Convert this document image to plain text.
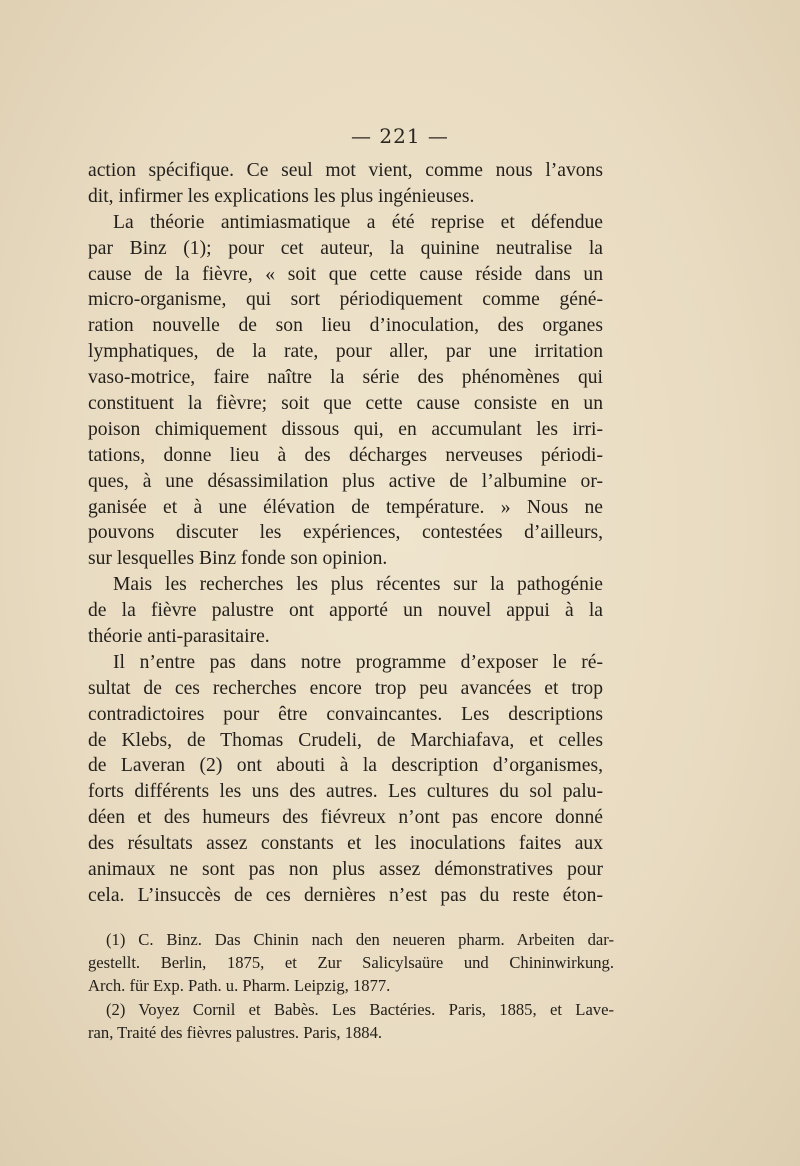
— 221 —
action spécifique. Ce seul mot vient, comme nous l’avons
dit, infirmer les explications les plus ingénieuses.
La théorie antimiasmatique a été reprise et défendue
par Binz (1); pour cet auteur, la quinine neutralise la
cause de la fièvre, « soit que cette cause réside dans un
micro-organisme, qui sort périodiquement comme géné-
ration nouvelle de son lieu d’inoculation, des organes
lymphatiques, de la rate, pour aller, par une irritation
vaso-motrice, faire naître la série des phénomènes qui
constituent la fièvre; soit que cette cause consiste en un
poison chimiquement dissous qui, en accumulant les irri-
tations, donne lieu à des décharges nerveuses périodi-
ques, à une désassimilation plus active de l’albumine or-
ganisée et à une élévation de température. » Nous ne
pouvons discuter les expériences, contestées d’ailleurs,
sur lesquelles Binz fonde son opinion.
Mais les recherches les plus récentes sur la pathogénie
de la fièvre palustre ont apporté un nouvel appui à la
théorie anti-parasitaire.
Il n’entre pas dans notre programme d’exposer le ré-
sultat de ces recherches encore trop peu avancées et trop
contradictoires pour être convaincantes. Les descriptions
de Klebs, de Thomas Crudeli, de Marchiafava, et celles
de Laveran (2) ont abouti à la description d’organismes,
forts différents les uns des autres. Les cultures du sol palu-
déen et des humeurs des fiévreux n’ont pas encore donné
des résultats assez constants et les inoculations faites aux
animaux ne sont pas non plus assez démonstratives pour
cela. L’insuccès de ces dernières n’est pas du reste éton-
(1) C. Binz. Das Chinin nach den neueren pharm. Arbeiten dar-
gestellt. Berlin, 1875, et Zur Salicylsaüre und Chininwirkung.
Arch. für Exp. Path. u. Pharm. Leipzig, 1877.
(2) Voyez Cornil et Babès. Les Bactéries. Paris, 1885, et Lave-
ran, Traité des fièvres palustres. Paris, 1884.
